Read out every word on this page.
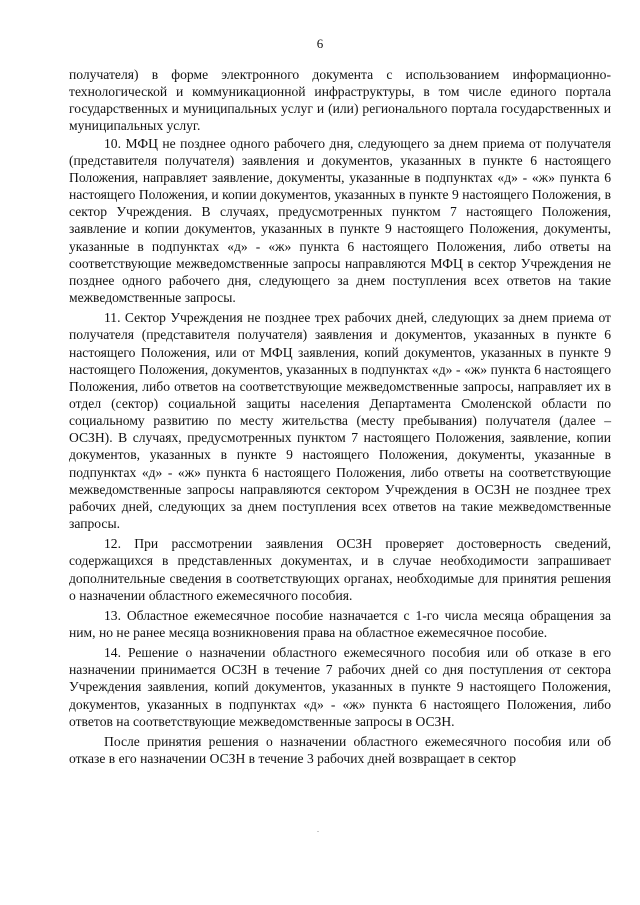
6

получателя) в форме электронного документа с использованием информационно-технологической и коммуникационной инфраструктуры, в том числе единого портала государственных и муниципальных услуг и (или) регионального портала государственных и муниципальных услуг.

10. МФЦ не позднее одного рабочего дня, следующего за днем приема от получателя (представителя получателя) заявления и документов, указанных в пункте 6 настоящего Положения, направляет заявление, документы, указанные в подпунктах «д» - «ж» пункта 6 настоящего Положения, и копии документов, указанных в пункте 9 настоящего Положения, в сектор Учреждения. В случаях, предусмотренных пунктом 7 настоящего Положения, заявление и копии документов, указанных в пункте 9 настоящего Положения, документы, указанные в подпунктах «д» - «ж» пункта 6 настоящего Положения, либо ответы на соответствующие межведомственные запросы направляются МФЦ в сектор Учреждения не позднее одного рабочего дня, следующего за днем поступления всех ответов на такие межведомственные запросы.

11. Сектор Учреждения не позднее трех рабочих дней, следующих за днем приема от получателя (представителя получателя) заявления и документов, указанных в пункте 6 настоящего Положения, или от МФЦ заявления, копий документов, указанных в пункте 9 настоящего Положения, документов, указанных в подпунктах «д» - «ж» пункта 6 настоящего Положения, либо ответов на соответствующие межведомственные запросы, направляет их в отдел (сектор) социальной защиты населения Департамента Смоленской области по социальному развитию по месту жительства (месту пребывания) получателя (далее – ОСЗН). В случаях, предусмотренных пунктом 7 настоящего Положения, заявление, копии документов, указанных в пункте 9 настоящего Положения, документы, указанные в подпунктах «д» - «ж» пункта 6 настоящего Положения, либо ответы на соответствующие межведомственные запросы направляются сектором Учреждения в ОСЗН не позднее трех рабочих дней, следующих за днем поступления всех ответов на такие межведомственные запросы.

12. При рассмотрении заявления ОСЗН проверяет достоверность сведений, содержащихся в представленных документах, и в случае необходимости запрашивает дополнительные сведения в соответствующих органах, необходимые для принятия решения о назначении областного ежемесячного пособия.

13. Областное ежемесячное пособие назначается с 1-го числа месяца обращения за ним, но не ранее месяца возникновения права на областное ежемесячное пособие.

14. Решение о назначении областного ежемесячного пособия или об отказе в его назначении принимается ОСЗН в течение 7 рабочих дней со дня поступления от сектора Учреждения заявления, копий документов, указанных в пункте 9 настоящего Положения, документов, указанных в подпунктах «д» - «ж» пункта 6 настоящего Положения, либо ответов на соответствующие межведомственные запросы в ОСЗН.

После принятия решения о назначении областного ежемесячного пособия или об отказе в его назначении ОСЗН в течение 3 рабочих дней возвращает в сектор
